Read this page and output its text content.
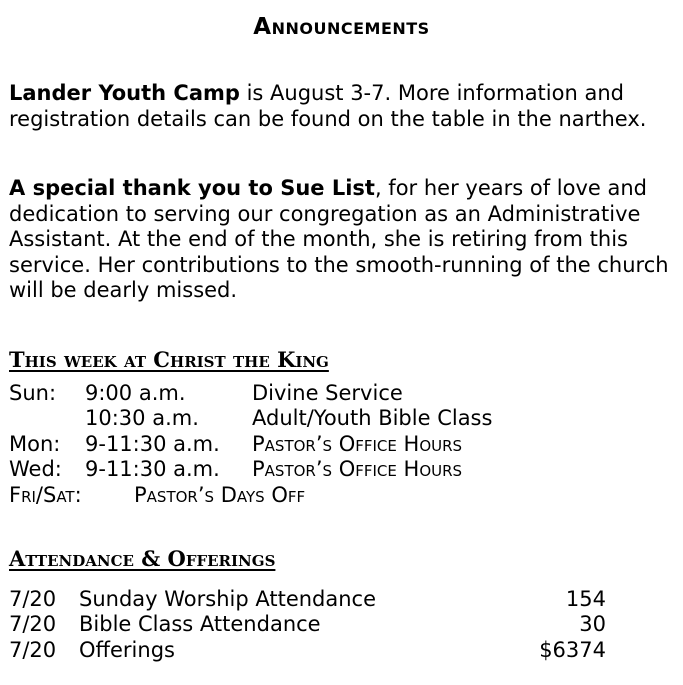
Announcements
Lander Youth Camp is August 3-7. More information and registration details can be found on the table in the narthex.
A special thank you to Sue List, for her years of love and dedication to serving our congregation as an Administrative Assistant. At the end of the month, she is retiring from this service. Her contributions to the smooth-running of the church will be dearly missed.
This week at Christ the King
Sun: 9:00 a.m.	Divine Service
10:30 a.m.	Adult/Youth Bible Class
Mon: 9-11:30 a.m. Pastor’s Office Hours
Wed: 9-11:30 a.m. Pastor’s Office Hours
Fri/Sat: Pastor’s Days Off
Attendance & Offerings
7/20 Sunday Worship Attendance	154
7/20 Bible Class Attendance	30
7/20 Offerings	$6374
